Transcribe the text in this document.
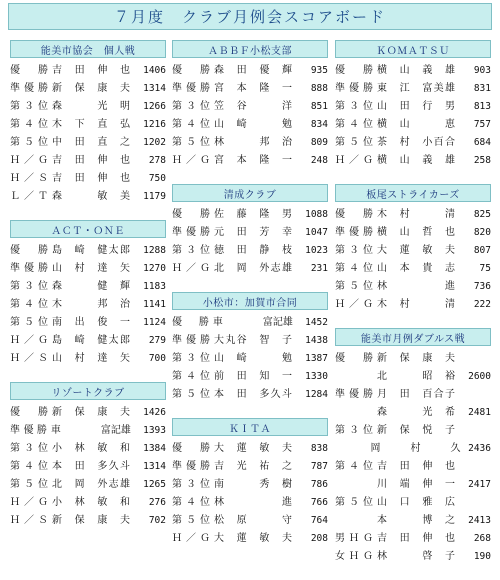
７月度　クラブ月例会スコアボード
能美市協会　個人戦
優　勝 吉　田　伸　也	1406
準優勝 新　保　康　夫	1314
第３位 森　　　光　明	1266
第４位 木　下　直　弘	1216
第５位 中　田　直　之	1202
Ｈ／Ｇ 吉　田　伸　也	278
Ｈ／Ｓ 吉　田　伸　也	750
Ｌ／Ｔ 森　　　敏　美	1179
ＡＣＴ・ＯＮＥ
優　勝 島　崎　健太郎	1288
準優勝 山　村　達　矢	1270
第３位 森　　　健　輝	1183
第４位 木　　　邦　治	1141
第５位 南　出　俊　一	1124
Ｈ／Ｇ 島　崎　健太郎	279
Ｈ／Ｓ 山　村　達　矢	700
リゾートクラブ
優　勝 新　保　康　夫	1426
準優勝 車　　　　富記雄	1393
第３位 小　林　敏　和	1384
第４位 本　田　多久斗	1314
第５位 北　岡　外志雄	1265
Ｈ／Ｇ 小　林　敏　和	276
Ｈ／Ｓ 新　保　康　夫	702
ＡＢＢＦ小松支部
優　勝 森　田　優　輝	935
準優勝 宮　本　隆　一	888
第３位 笠　谷　　　洋	851
第４位 山　崎　　　勉	834
第５位 林　　　邦　治	809
Ｈ／Ｇ 宮　本　隆　一	248
清成クラブ
優　勝 佐　藤　隆　男	1088
準優勝 元　田　芳　幸	1047
第３位 徳　田　静　枝	1023
Ｈ／Ｇ 北　岡　外志雄	231
小松市：加賀市合同
優　勝 車　　　　富記雄	1452
準優勝 大丸谷　智　子	1438
第３位 山　崎　　　勉	1387
第４位 前　田　知　一	1330
第５位 本　田　多久斗	1284
ＫＩＴＡ
優　勝 大　蓮　敏　夫	838
準優勝 吉　光　祐　之	787
第３位 南　　　秀　樹	786
第４位 林　　　進	766
第５位 松　原　　　守	764
Ｈ／Ｇ 大　蓮　敏　夫	208
ＫＯＭＡＴＳＵ
優　勝 横　山　義　雄	903
準優勝 東　江　富美雄	831
第３位 山　田　行　男	813
第４位 横　山　　　恵	757
第５位 茶　村　小百合	684
Ｈ／Ｇ 横　山　義　雄	258
板尾ストライカーズ
優　勝 木　村　　　清	825
準優勝 横　山　哲　也	820
第３位 大　蓮　敏　夫	807
第４位 山　本　貴　志	75
第５位 林　　　進	736
Ｈ／Ｇ 木　村　　　清	222
能美市月例ダブルス戦
優　勝 新　保　康　夫
北　　　昭　裕	2600
準優勝 月　田　百合子
森　　　光　希	2481
第３位 新　保　悦　子
岡　　　村　　　久 2436
第４位 吉　田　伸　也
川　端　伸　一	2417
第５位 山　口　雅　広
本　　　博　之	2413
男ＨＧ 吉　田　伸　也	268
女ＨＧ 林　　　啓　子	190
